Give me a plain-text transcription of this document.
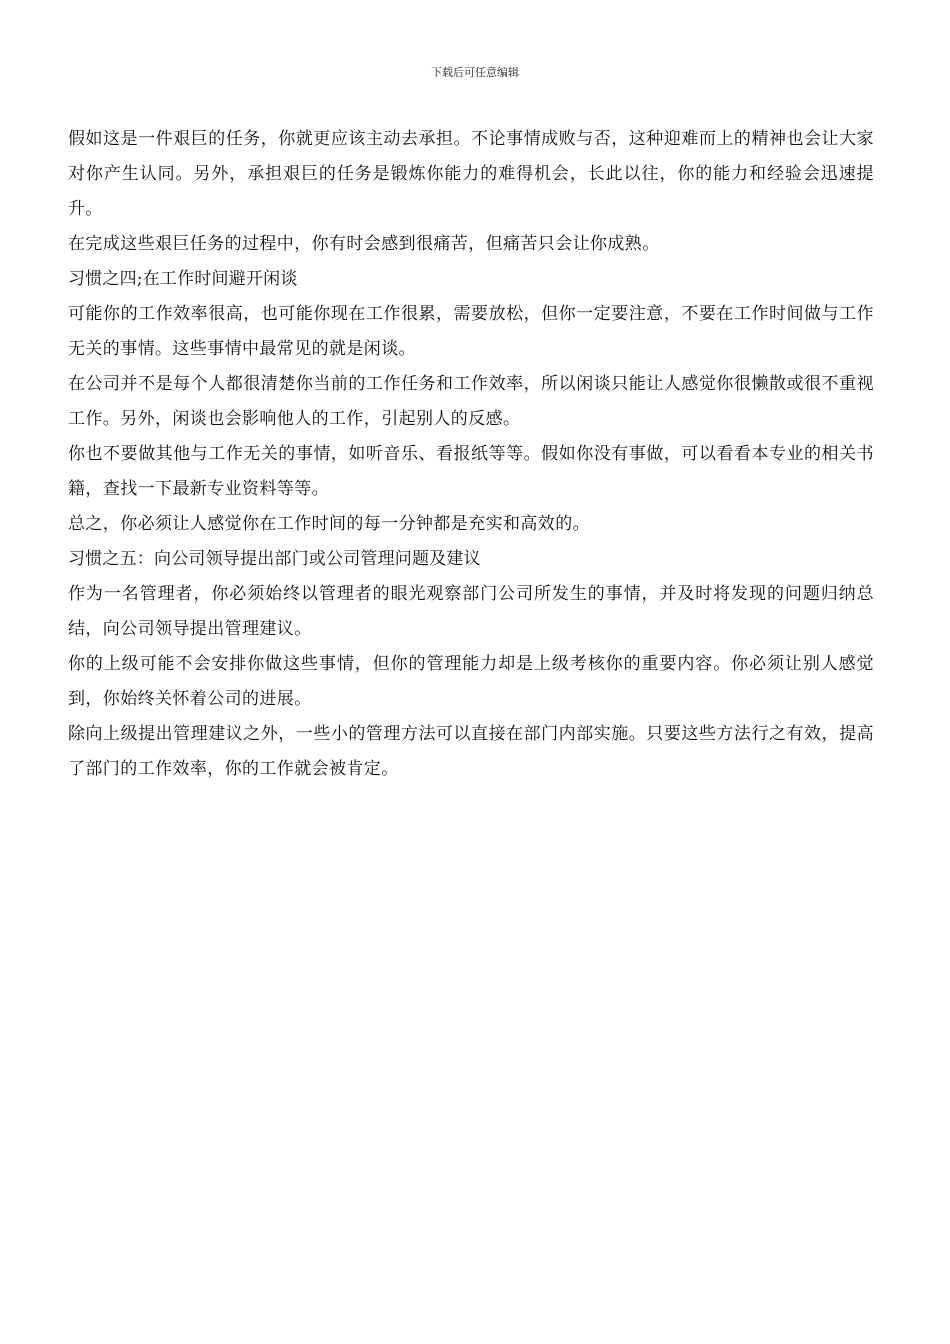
下载后可任意编辑

假如这是一件艰巨的任务，你就更应该主动去承担。不论事情成败与否，这种迎难而上的精神也会让大家对你产生认同。另外，承担艰巨的任务是锻炼你能力的难得机会，长此以往，你的能力和经验会迅速提升。

在完成这些艰巨任务的过程中，你有时会感到很痛苦，但痛苦只会让你成熟。

习惯之四;在工作时间避开闲谈

可能你的工作效率很高，也可能你现在工作很累，需要放松，但你一定要注意，不要在工作时间做与工作无关的事情。这些事情中最常见的就是闲谈。

在公司并不是每个人都很清楚你当前的工作任务和工作效率，所以闲谈只能让人感觉你很懒散或很不重视工作。另外，闲谈也会影响他人的工作，引起别人的反感。

你也不要做其他与工作无关的事情，如听音乐、看报纸等等。假如你没有事做，可以看看本专业的相关书籍，查找一下最新专业资料等等。

总之，你必须让人感觉你在工作时间的每一分钟都是充实和高效的。

习惯之五：向公司领导提出部门或公司管理问题及建议

作为一名管理者，你必须始终以管理者的眼光观察部门公司所发生的事情，并及时将发现的问题归纳总结，向公司领导提出管理建议。

你的上级可能不会安排你做这些事情，但你的管理能力却是上级考核你的重要内容。你必须让别人感觉到，你始终关怀着公司的进展。

除向上级提出管理建议之外，一些小的管理方法可以直接在部门内部实施。只要这些方法行之有效，提高了部门的工作效率，你的工作就会被肯定。
